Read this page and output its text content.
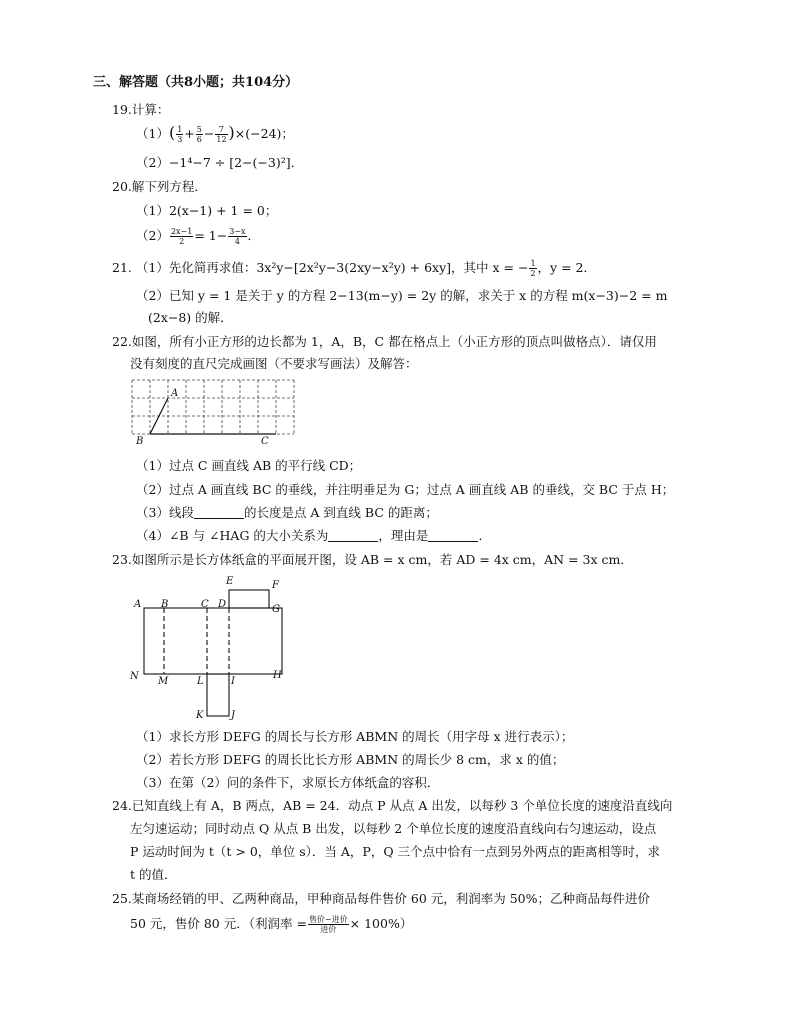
三、解答题（共8小题；共104分）
19.计算：
$(1)( \frac{1}{3} + \frac{5}{6} - \frac{7}{12} )\times(-24)$；
（2）−1⁴−7 ÷ [2−(−3)²]．
20.解下列方程．
（1）2(x−1) + 1 = 0；
$(2) \frac{2x-1}{2} = 1- \frac{3-x}{4}$ ．
21. （1）先化简再求值：3x²y−[2x²y−3(2xy−x²y) + 6xy]，其中 x = − $\frac{1}{2}$ ，y = 2．
（2）已知 y = 1 是关于 y 的方程 2−13(m−y) = 2y 的解，求关于 x 的方程 m(x−3)−2 = m
(2x−8) 的解．
22.如图，所有小正方形的边长都为 1，A，B，C 都在格点上（小正方形的顶点叫做格点）．请仅用
没有刻度的直尺完成画图（不要求写画法）及解答：
A
B	C
（1）过点 C 画直线 AB 的平行线 CD；
（2）过点 A 画直线 BC 的垂线，并注明垂足为 G；过点 A 画直线 AB 的垂线，交 BC 于点 H；
（3）线段	的长度是点 A 到直线 BC 的距离；
（4）∠B 与 ∠HAG 的大小关系为	，理由是	．
23.如图所示是长方体纸盒的平面展开图，设 AB = x cm，若 AD = 4x cm，AN = 3x cm．
A B	C D
E	F
G
H
N M	L	I
K	J
（1）求长方形 DEFG 的周长与长方形 ABMN 的周长（用字母 x 进行表示）；
（2）若长方形 DEFG 的周长比长方形 ABMN 的周长少 8 cm，求 x 的值；
（3）在第（2）问的条件下，求原长方体纸盒的容积．
24.已知直线上有 A，B 两点，AB = 24．动点 P 从点 A 出发，以每秒 3 个单位长度的速度沿直线向
左匀速运动；同时动点 Q 从点 B 出发，以每秒 2 个单位长度的速度沿直线向右匀速运动，设点
P 运动时间为 t（t > 0，单位 s）．当 A，P，Q 三个点中恰有一点到另外两点的距离相等时，求
t 的值．
25.某商场经销的甲、乙两种商品，甲种商品每件售价 60 元，利润率为 50%；乙种商品每件进价
50 元，售价 80 元．（利润率 = $\frac{\text{售价−进价}}{\text{进价}} \times 100\%$）
